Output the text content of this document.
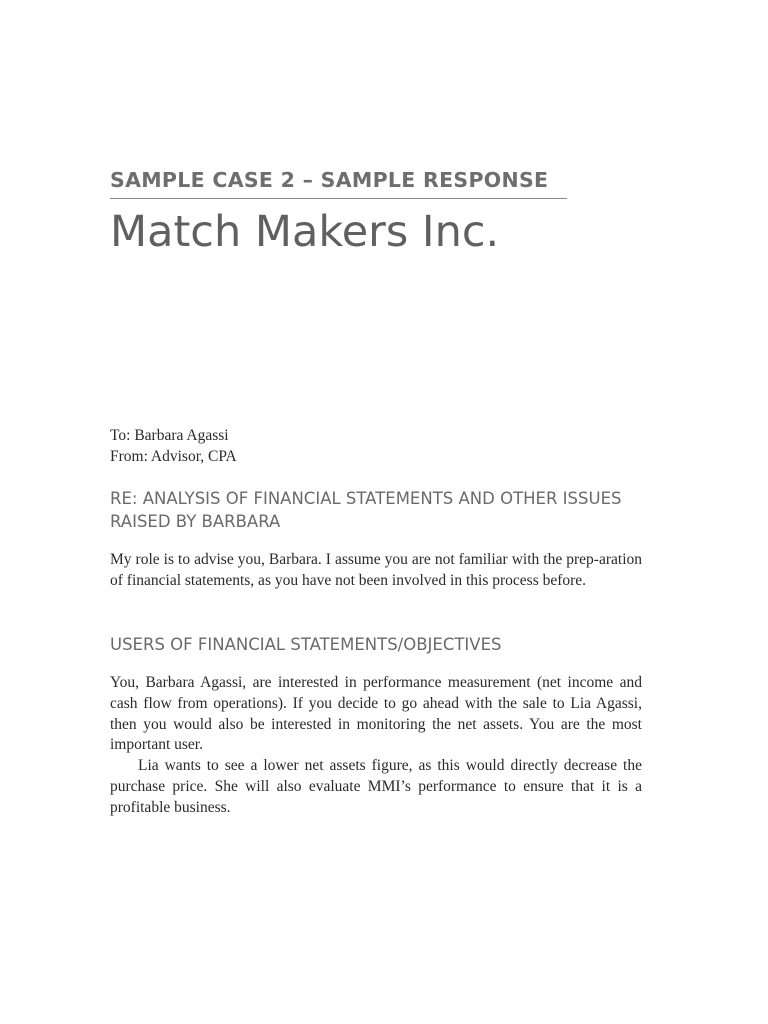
SAMPLE CASE 2 – SAMPLE RESPONSE
Match Makers Inc.
To: Barbara Agassi
From: Advisor, CPA
RE: ANALYSIS OF FINANCIAL STATEMENTS AND OTHER ISSUES RAISED BY BARBARA

My role is to advise you, Barbara. I assume you are not familiar with the prep-aration of financial statements, as you have not been involved in this process before.

USERS OF FINANCIAL STATEMENTS/OBJECTIVES

You, Barbara Agassi, are interested in performance measurement (net income and cash flow from operations). If you decide to go ahead with the sale to Lia Agassi, then you would also be interested in monitoring the net assets. You are the most important user.

Lia wants to see a lower net assets figure, as this would directly decrease the purchase price. She will also evaluate MMI’s performance to ensure that it is a profitable business.
